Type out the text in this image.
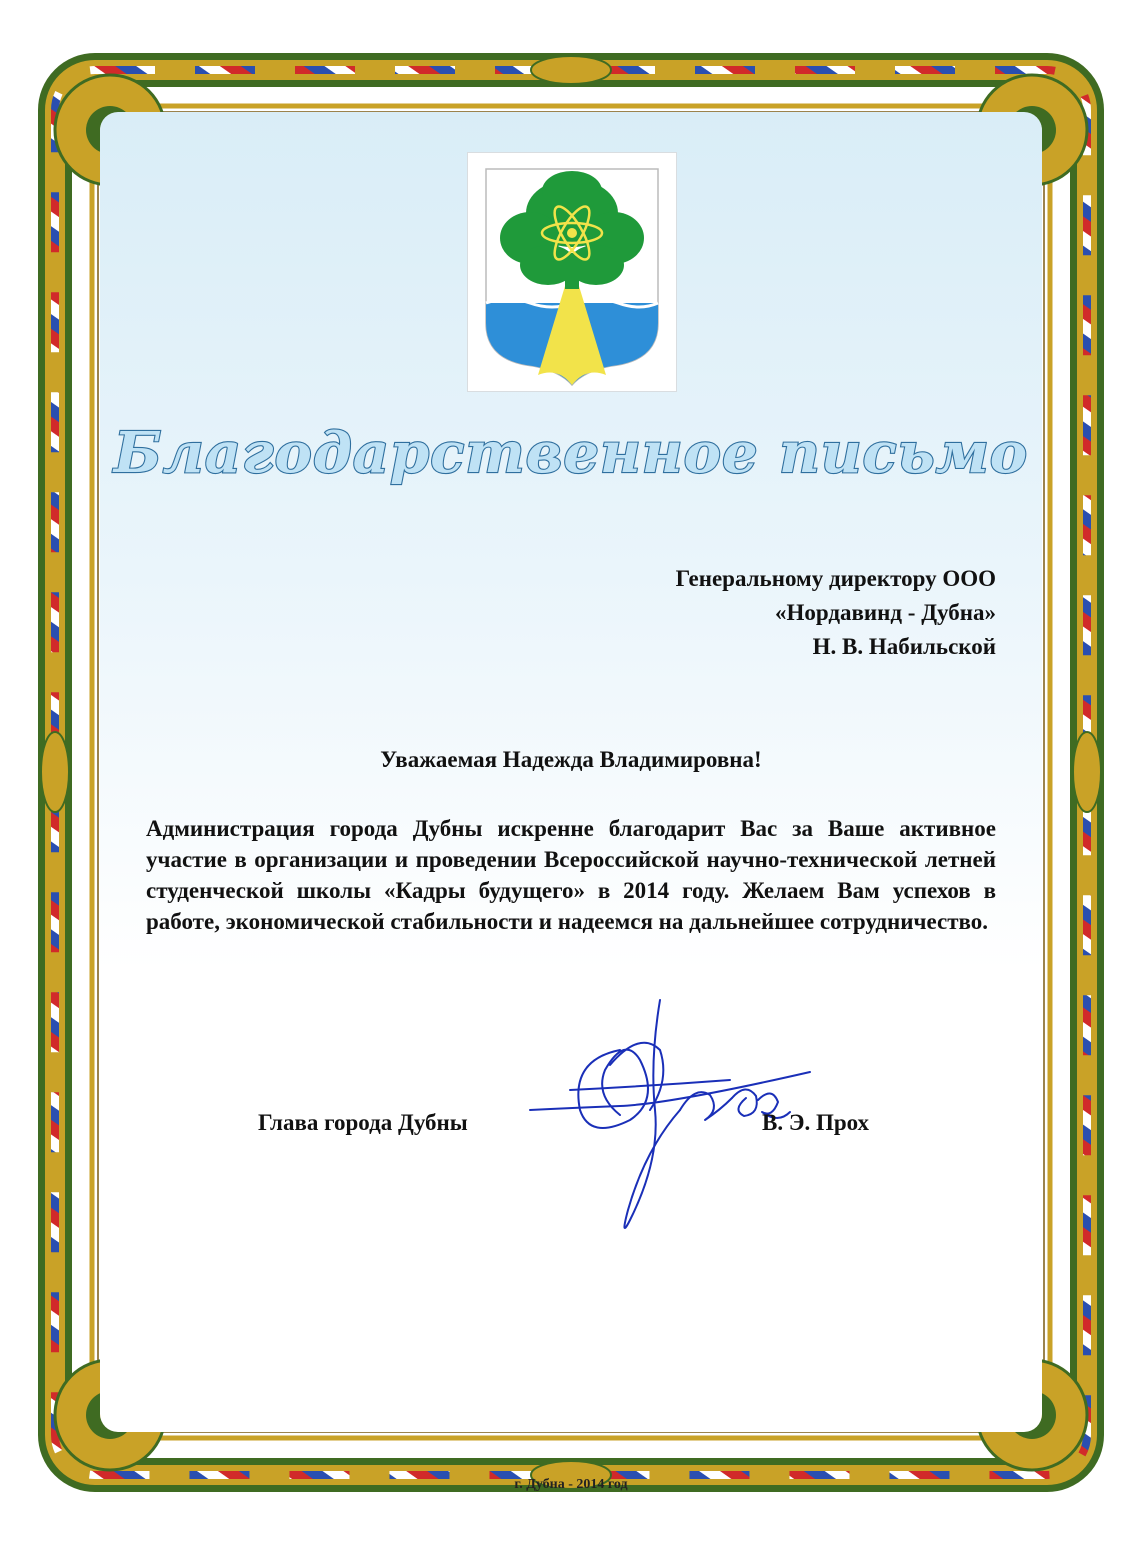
Благодарственное письмо
Генеральному директору ООО
«Нордавинд - Дубна»
Н. В. Набильской
Уважаемая Надежда Владимировна!

Администрация города Дубны искренне благодарит Вас за Ваше активное участие в организации и проведении Всероссийской научно-технической летней студенческой школы «Кадры будущего» в 2014 году. Желаем Вам успехов в работе, экономической стабильности и надеемся на дальнейшее сотрудничество.

Глава города Дубны	В. Э. Прох
г. Дубна - 2014 год
